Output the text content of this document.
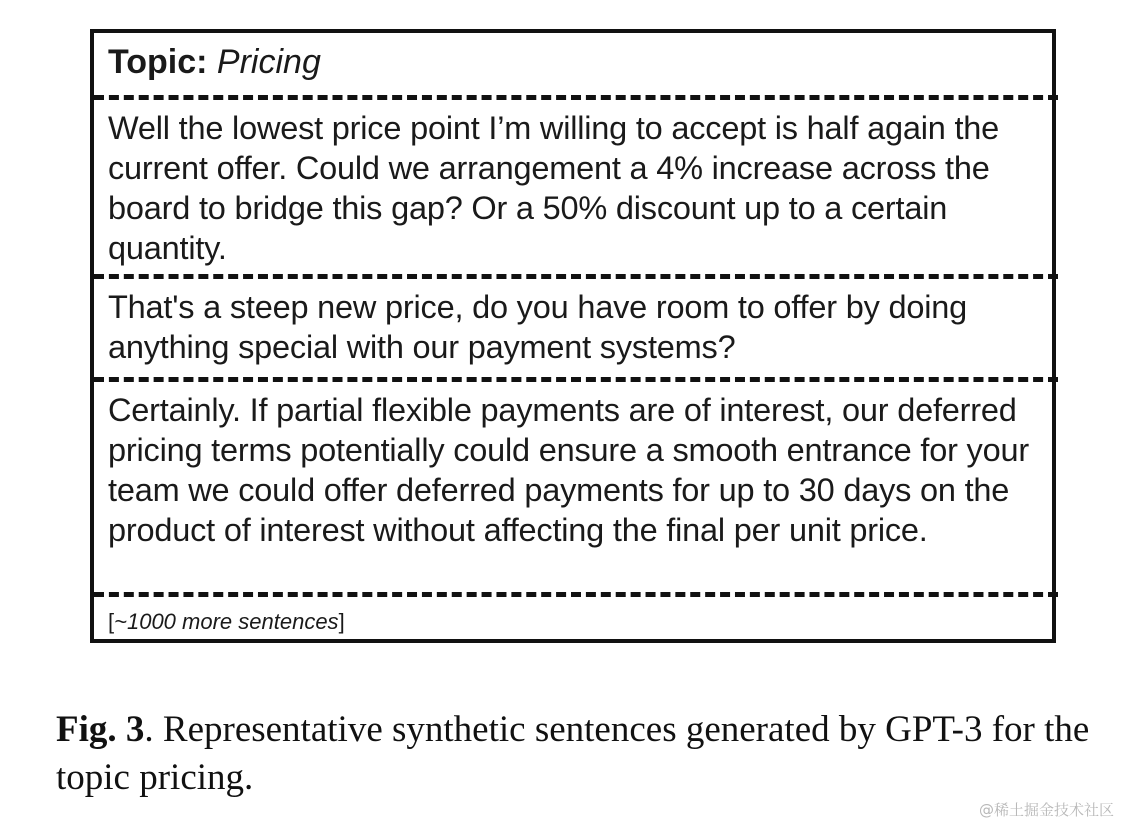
Topic: Pricing
Well the lowest price point I’m willing to accept is half again the current offer. Could we arrangement a 4% increase across the board to bridge this gap? Or a 50% discount up to a certain quantity.
That's a steep new price, do you have room to offer by doing anything special with our payment systems?
Certainly. If partial flexible payments are of interest, our deferred pricing terms potentially could ensure a smooth entrance for your team we could offer deferred payments for up to 30 days on the product of interest without affecting the final per unit price.
[~1000 more sentences]
Fig. 3. Representative synthetic sentences generated by GPT-3 for the topic pricing.
@稀土掘金技术社区
